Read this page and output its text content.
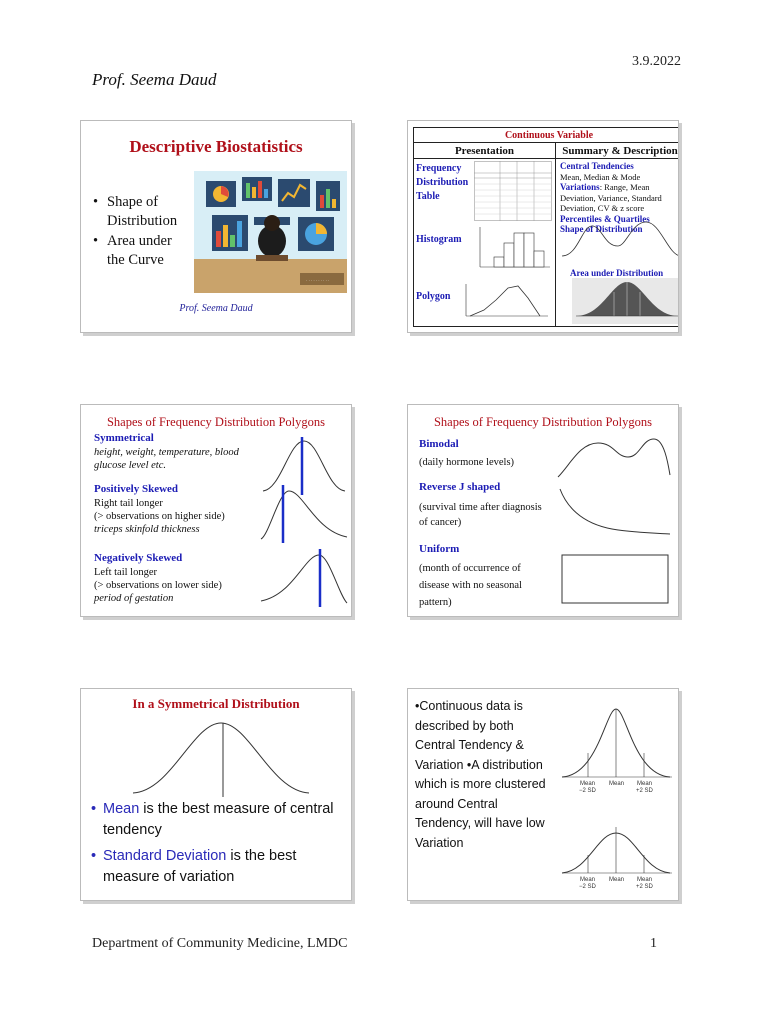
3.9.2022
Prof. Seema Daud
Descriptive Biostatistics
• Shape of Distribution
• Area under the Curve
· · · · · · · · · ·
Prof. Seema Daud
Continuous Variable
Presentation	Summary & Description
Frequency Distribution Table
Central Tendencies
Mean, Median & Mode
Variations: Range, Mean Deviation, Variance, Standard Deviation, CV & z score
Percentiles & Quartiles
Shape of Distribution
Histogram
Area under Distribution
Polygon
Shapes of Frequency Distribution Polygons
Symmetrical
height, weight, temperature, blood glucose level etc.
Positively Skewed
Right tail longer
(> observations on higher side)
triceps skinfold thickness
Negatively Skewed
Left tail longer
(> observations on lower side)
period of gestation
Shapes of Frequency Distribution Polygons
Bimodal
(daily hormone levels)
Reverse J shaped
(survival time after diagnosis of cancer)
Uniform
(month of occurrence of disease with no seasonal pattern)
In a Symmetrical Distribution
• Mean is the best measure of central tendency
• Standard Deviation is the best measure of variation
•Continuous data is described by both Central Tendency & Variation •A distribution which is more clustered around Central Tendency, will have low Variation
Mean
−2 SD
Mean Mean
+2 SD
Mean
−2 SD
Mean Mean
+2 SD
Department of Community Medicine, LMDC	1
